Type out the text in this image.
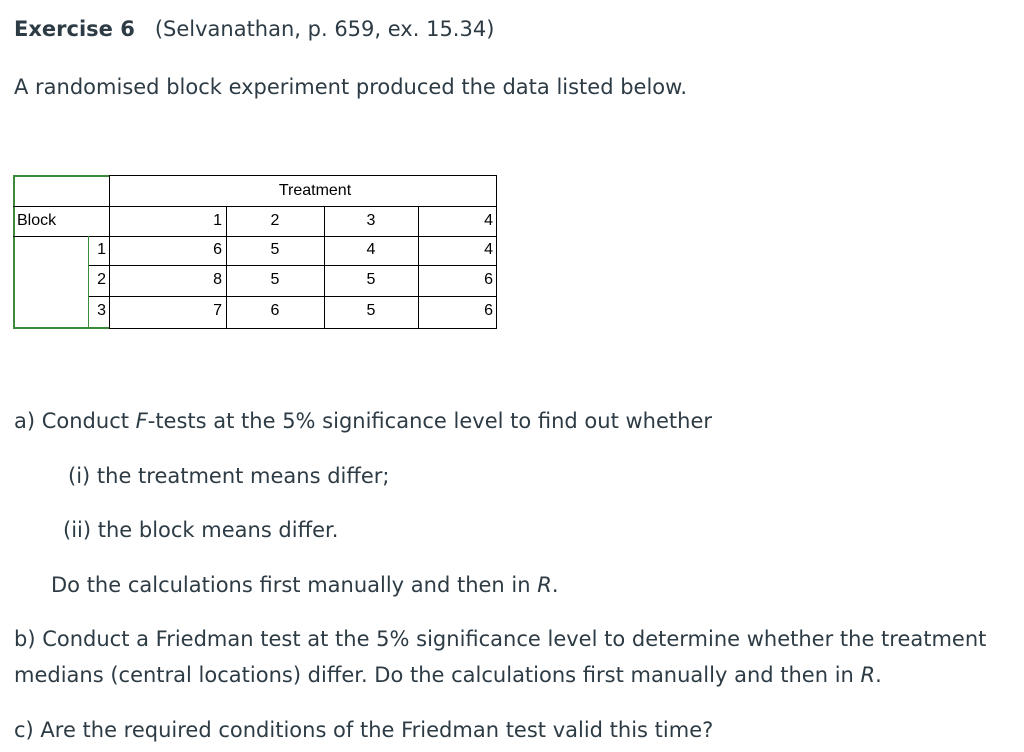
Exercise 6 (Selvanathan, p. 659, ex. 15.34)
A randomised block experiment produced the data listed below.
Treatment
Block	1	2	3	4
1	6	5	4	4
2	8	5	5	6
3	7	6	5	6
a) Conduct F-tests at the 5% significance level to find out whether
(i) the treatment means differ;
(ii) the block means differ.
Do the calculations first manually and then in R.
b) Conduct a Friedman test at the 5% significance level to determine whether the treatment medians (central locations) differ. Do the calculations first manually and then in R.
c) Are the required conditions of the Friedman test valid this time?
